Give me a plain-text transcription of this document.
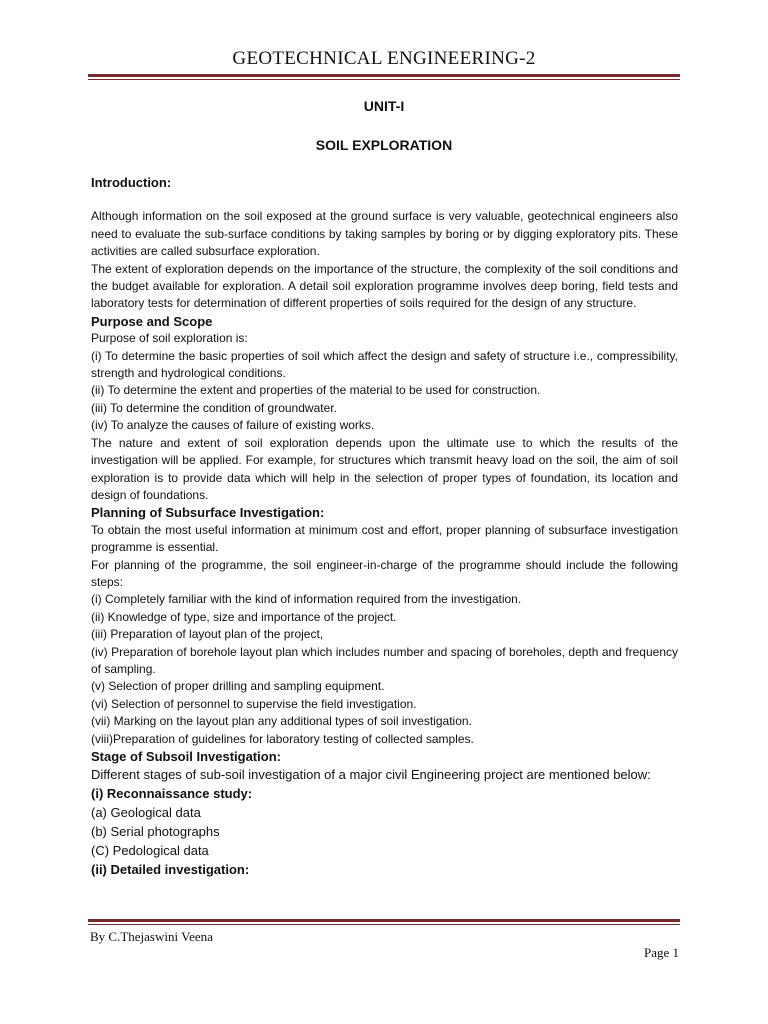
GEOTECHNICAL ENGINEERING-2
UNIT-I
SOIL EXPLORATION

Introduction:

Although information on the soil exposed at the ground surface is very valuable, geotechnical engineers also need to evaluate the sub-surface conditions by taking samples by boring or by digging exploratory pits. These activities are called subsurface exploration.

The extent of exploration depends on the importance of the structure, the complexity of the soil conditions and the budget available for exploration. A detail soil exploration programme involves deep boring, field tests and laboratory tests for determination of different properties of soils required for the design of any structure.

Purpose and Scope

Purpose of soil exploration is:

(i) To determine the basic properties of soil which affect the design and safety of structure i.e., compressibility, strength and hydrological conditions.

(ii) To determine the extent and properties of the material to be used for construction.

(iii) To determine the condition of groundwater.

(iv) To analyze the causes of failure of existing works.

The nature and extent of soil exploration depends upon the ultimate use to which the results of the investigation will be applied. For example, for structures which transmit heavy load on the soil, the aim of soil exploration is to provide data which will help in the selection of proper types of foundation, its location and design of foundations.

Planning of Subsurface Investigation:

To obtain the most useful information at minimum cost and effort, proper planning of subsurface investigation programme is essential.

For planning of the programme, the soil engineer-in-charge of the programme should include the following steps:

(i) Completely familiar with the kind of information required from the investigation.

(ii) Knowledge of type, size and importance of the project.

(iii) Preparation of layout plan of the project,

(iv) Preparation of borehole layout plan which includes number and spacing of boreholes, depth and frequency of sampling.

(v) Selection of proper drilling and sampling equipment.

(vi) Selection of personnel to supervise the field investigation.

(vii) Marking on the layout plan any additional types of soil investigation.

(viii)Preparation of guidelines for laboratory testing of collected samples.

Stage of Subsoil Investigation:

Different stages of sub-soil investigation of a major civil Engineering project are mentioned below:

(i) Reconnaissance study:

(a) Geological data

(b) Serial photographs

(C) Pedological data

(ii) Detailed investigation:

By C.Thejaswini Veena
Page 1
